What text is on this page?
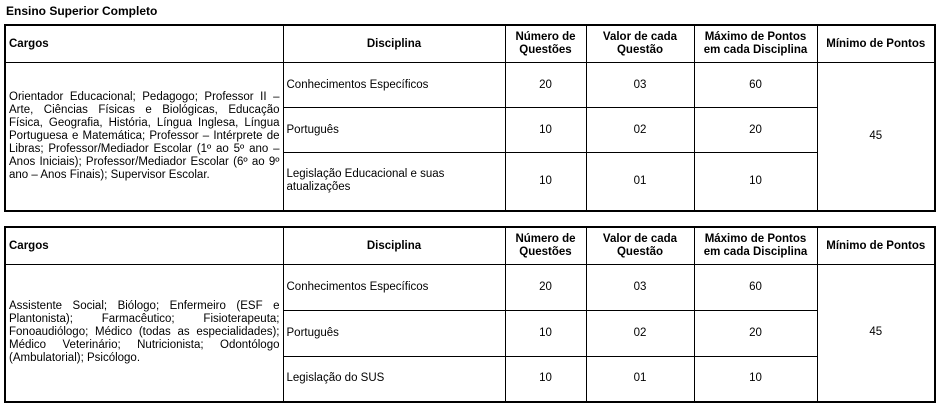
Ensino Superior Completo
Cargos	Disciplina	Número de Questões	Valor de cada Questão	Máximo de Pontos em cada Disciplina	Mínimo de Pontos
Orientador Educacional; Pedagogo; Professor II – Arte, Ciências Físicas e Biológicas, Educação Física, Geografia, História, Língua Inglesa, Língua Portuguesa e Matemática; Professor – Intérprete de Libras; Professor/Mediador Escolar (1º ao 5º ano – Anos Iniciais); Professor/Mediador Escolar (6º ao 9º ano – Anos Finais); Supervisor Escolar.	Conhecimentos Específicos	20	03	60	45
	Português	10	02	20	
	Legislação Educacional e suas atualizações	10	01	10	
Cargos	Disciplina	Número de Questões	Valor de cada Questão	Máximo de Pontos em cada Disciplina	Mínimo de Pontos
Assistente Social; Biólogo; Enfermeiro (ESF e Plantonista); Farmacêutico; Fisioterapeuta; Fonoaudiólogo; Médico (todas as especialidades); Médico Veterinário; Nutricionista; Odontólogo (Ambulatorial); Psicólogo.	Conhecimentos Específicos	20	03	60	45
	Português	10	02	20	
	Legislação do SUS	10	01	10	
